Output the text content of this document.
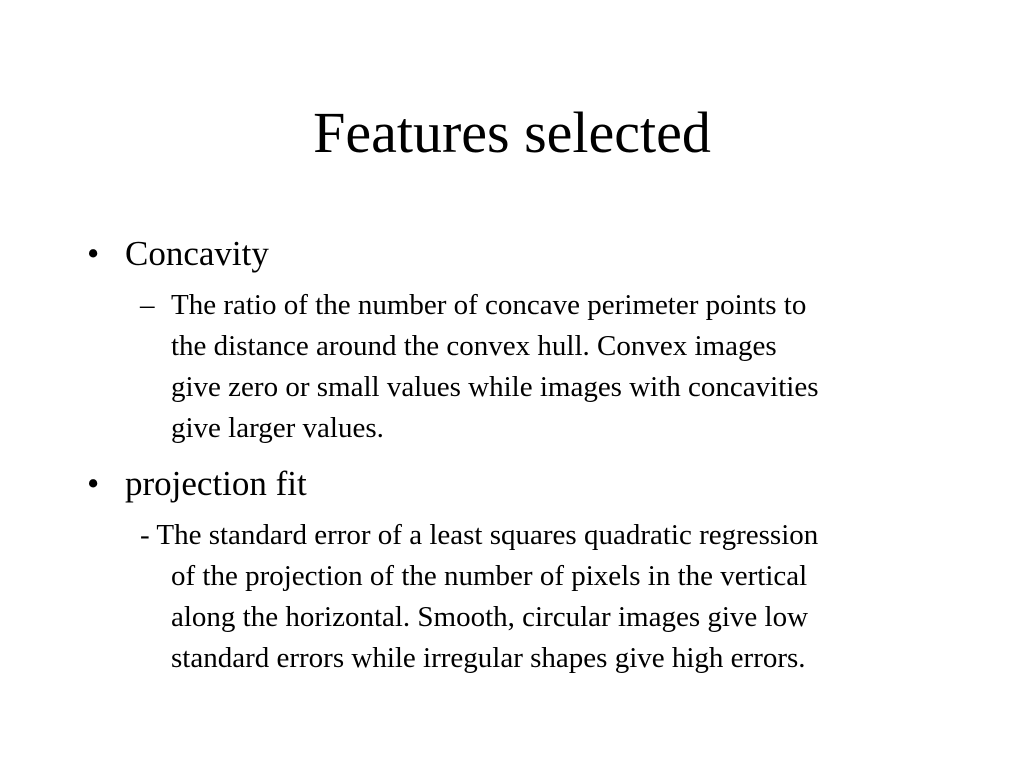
Features selected
• Concavity
– The ratio of the number of concave perimeter points to
the distance around the convex hull. Convex images
give zero or small values while images with concavities
give larger values.
• projection fit
- The standard error of a least squares quadratic regression
of the projection of the number of pixels in the vertical
along the horizontal. Smooth, circular images give low
standard errors while irregular shapes give high errors.
